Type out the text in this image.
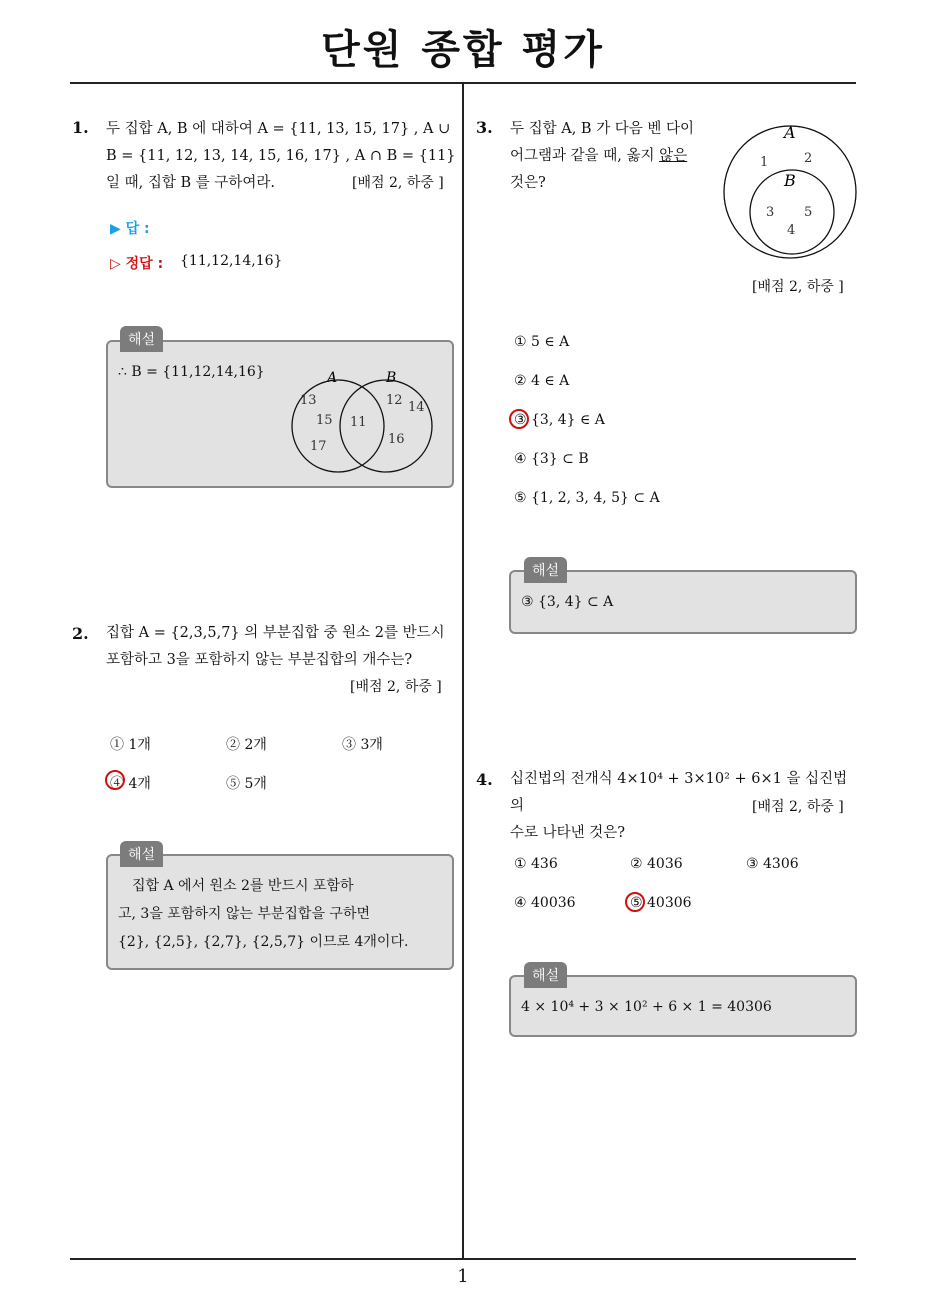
단원 종합 평가
1. 두 집합 A, B 에 대하여 A = {11, 13, 15, 17} , A ∪
B = {11, 12, 13, 14, 15, 16, 17} , A ∩ B = {11}
일 때, 집합 B 를 구하여라.	[배점 2, 하중 ]
▶ 답 :
▷ 정답 : {11,12,14,16}
∴ B = {11,12,14,16}	A	B
13
15
17
11
12 14
16
해설
2. 집합 A = {2,3,5,7} 의 부분집합 중 원소 2를 반드시
포함하고 3을 포함하지 않는 부분집합의 개수는?
[배점 2, 하중 ]
① 1개	② 2개	③ 3개
④ 4개	⑤ 5개
집합 A 에서 원소 2를 반드시 포함하
고, 3을 포함하지 않는 부분집합을 구하면
{2}, {2,5}, {2,7}, {2,5,7} 이므로 4개이다.
해설
3. 두 집합 A, B 가 다음 벤 다이
어그램과 같을 때, 옳지 않은
것은?
A
1	2
B
3 5
4
[배점 2, 하중 ]
① 5 ∈ A
② 4 ∈ A
③ {3, 4} ∈ A
④ {3} ⊂ B
⑤ {1, 2, 3, 4, 5} ⊂ A
③ {3, 4} ⊂ A
해설
4. 십진법의 전개식 4×10⁴ + 3×10² + 6×1 을 십진법의
수로 나타낸 것은?
[배점 2, 하중 ]
① 436	② 4036	③ 4306
④ 40036	⑤ 40306
4 × 10⁴ + 3 × 10² + 6 × 1 = 40306
해설
1
